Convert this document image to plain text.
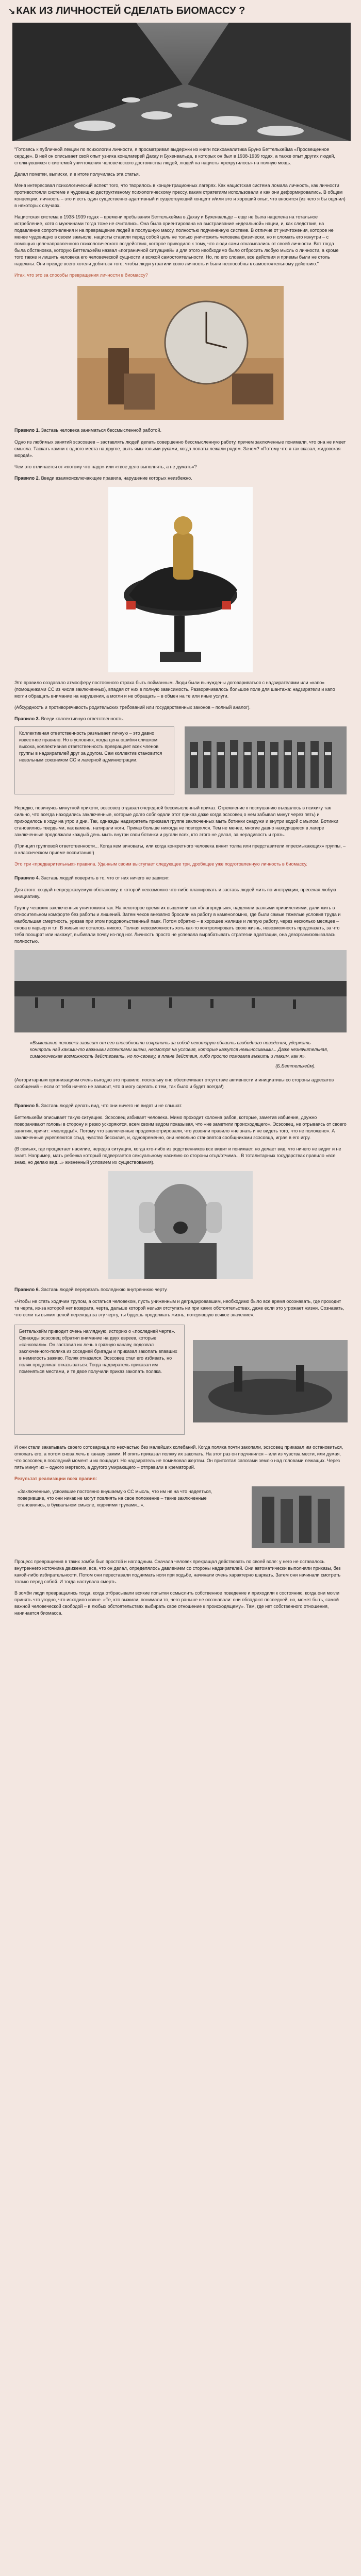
↘ КАК ИЗ ЛИЧНОСТЕЙ СДЕЛАТЬ БИОМАССУ ?

"Готовясь к публичной лекции по психологии личности, я просматривал выдержки из книги психоаналитика Бруно Беттельхейма «Просвещенное сердце». В ней он описывает свой опыт узника концлагерей Дахау и Бухенвальда, в которых он был в 1938-1939 годах, а также опыт других людей, столкнувшихся с системой уничтожения человеческого достоинства людей, людей на нацисты «рекрутилось» на полную мощь.

Делал пометки, выписки, и в итоге получилась эта статья.

Меня интересовал психологический аспект того, что творилось в концентрационных лагерях. Как нацистская система ломала личность, как личности противостояли системе и чудовищно деструктивному психологическому прессу, каким стратегиям использовали и как они деформировались. В общем концепции, личность – это и есть один существенно адаптивный и существующий концепт и/или это и хороший опыт, что вносится (из чего я бы оценил) в некоторых случаях.

Нацистская система в 1938-1939 годах – времени пребывания Беттельхейма в Дахау и Бухенвальде – еще не была нацелена на тотальное истребление, хотя с мужчинами тогда тоже не считались. Она была ориентирована на выстраивание «идеальной» нации, и, как следствие, на подавление сопротивления и на превращение людей в послушную массу, полностью подчиненную системе. В отличие от уничтожения, которое не менее чудовищно в своем замысле, нацисты ставили перед собой цель не только уничтожить человека физически, но и сломать его изнутри – с помощью целенаправленного психологического воздействия, которое приводило к тому, что люди сами отказывались от своей личности. Вот тогда была обстановка, которую Беттельхейм назвал «пограничной ситуацией» и для этого необходимо было отбросить любую мысль о личности, а кроме того также и лишить человека его человеческой сущности и всякой самостоятельности. Но, по его словам, все действия и приемы были не столь надежны. Они прежде всего хотели добиться того, чтобы люди утратили свою личность и были неспособны к самостоятельному действию."

Итак, что это за способы превращения личности в биомассу?
Правило 1. Заставь человека заниматься бессмысленной работой.

Одно из любимых занятий эсэсовцев – заставлять людей делать совершенно бессмысленную работу, причем заключенные понимали, что она не имеет смысла. Таскать камни с одного места на другое, рыть ямы голыми руками, когда лопаты лежали рядом. Зачем? «Потому что я так сказал, жидовская морда!».

Чем это отличается от «потому что надо» или «твое дело выполнять, а не думать»?

Правило 2. Введи взаимоисключающие правила, нарушение которых неизбежно.

Это правило создавало атмосферу постоянного страха быть пойманным. Люди были вынуждены договариваться с надзирателями или «капо» (помощниками СС из числа заключенных), впадая от них в полную зависимость. Разворачивалось большое поле для шантажа: надзиратели и капо могли обращать внимание на нарушения, а могли и не обращать – в обмен на те или иные услуги.

(Абсурдность и противоречивость родительских требований или государственных законов – полный аналог).

Правило 3. Введи коллективную ответственность.
Коллективная ответственность размывает личную – это давно известное правило. Но в условиях, когда цена ошибки слишком высока, коллективная ответственность превращает всех членов группы в надзирателей друг за другом. Сам коллектив становится невольным союзником СС и лагерной администрации.

Нередко, повинуясь минутной прихоти, эсэсовец отдавал очередной бессмысленный приказ. Стремление к послушанию въедалось в психику так сильно, что всегда находились заключенные, которые долго соблюдали этот приказ даже когда эсэсовец о нем забывал минут через пять) и приходилось в ходу на утро и дни. Так, однажды надзиратель приказал группе заключенных мыть ботинки снаружи и внутри водой с мылом. Ботинки становились твердыми, как камень, натирали ноги. Приказ больше никогда не повторялся. Тем не менее, многие давно находящиеся в лагере заключенные продолжали каждый день мыть внутри свои ботинки и ругали всех, кто этого не делал, за нерадивость и грязь.

(Принцип групповой ответственности... Когда кем виноваты, или когда конкретного человека винит толпа или представители «пресмыкающих» группы, – в классическом приеме воспитания!)

Это три «предварительных» правила. Удачным своим выступает следующее три, дробящее уже подготовленную личность в биомассу.
Правило 4. Заставь людей поверить в то, что от них ничего не зависит.

Для этого: создай непредсказуемую обстановку, в которой невозможно что-либо планировать и заставь людей жить по инструкции, пресекая любую инициативу.

Группу чешских заключенных уничтожили так. На некоторое время их выделили как «благородных», наделили разными привилегиями, дали жить в относительном комфорте без работы и лишений. Затем чехов внезапно бросили на работу в каменоломню, где были самые тяжелые условия труда и наибольшая смертность, урезав при этом продовольственный паек. Потом обратно – в хорошее жилище и легкую работу, через несколько месяцев – снова в карьер и т.п. В живых не осталось никого. Полная невозможность хоть как-то контролировать свою жизнь, невозможность предсказать, за что тебя поощрят или накажут, выбивали почву из-под ног. Личность просто не успевала вырабатывать стратегии адаптации, она дезорганизовывалась полностью.

«Выживание человека зависит от его способности сохранить за собой некоторую область свободного поведения, удержать контроль над какими-то важными аспектами жизни, несмотря на условия, которые кажутся невыносимыми... Даже незначительная, символическая возможность действовать, но по-своему, в плане действия, либо просто помогала выжить и таким, как я».
(Б.Беттельхейм).
(Авторитарным организациям очень выгодно это правило, поскольку оно обеспечивает отсутствие активности и инициативы со стороны адресатов сообщений – если от тебя ничего не зависит, что я могу сделать с тем, так было и будет всегда!)
Правило 5. Заставь людей делать вид, что они ничего не видят и не слышат.

Беттельхейм описывает такую ситуацию. Эсэсовец избивает человека. Мимо проходит колонна рабов, которые, заметив избиение, дружно поворачивают головы в сторону и резко ускоряются, всем своим видом показывая, что «не заметили происходящего». Эсэсовец, не отрываясь от своего занятия, кричит: «молодцы!». Потому что заключенные продемонстрировали, что усвоили правило «не знать и не видеть того, что не положено». А заключенные укрепляются стыд, чувство бессилия, и, одновременно, они невольно становятся сообщниками эсэсовца, играя в его игру.

(В семьях, где процветает насилие, нередка ситуация, когда кто-либо из родственников все видит и понимает, но делает вид, что ничего не видит и не знает. Например, мать ребенка который подвергается сексуальному насилию со стороны отца/отчима... В тоталитарных государствах правило «все знаю, но делаю вид...» жизненный условием их существования).

Правило 6. Заставь людей перерезать последнюю внутреннюю черту.
«Чтобы не стать ходячим трупом, а остаться человеком, пусть униженным и деградировавшим, необходимо было все время осознавать, где проходит та черта, из-за которой нет возврата, черта, дальше которой нельзя отступать ни при каких обстоятельствах, даже если это угрожает жизни. Сознавать, что если ты выжил ценой перехода за эту черту, ты будешь продолжать жизнь, потерявшую всякое значение».
Беттельхейм приводит очень наглядную, историю о «последней черте». Однажды эсэсовец обратил внимание на двух евреев, которые «сачковали». Он заставил их лечь в грязную канаву, подозвал заключенного-поляка из соседней бригады и приказал закопать впавших в немилость заживо. Поляк отказался. Эсэсовец стал его избивать, но поляк продолжал отказываться. Тогда надзиратель приказал им поменяться местами, и те двое получили приказ закопать поляка.

И они стали закапывать своего сотоварища по несчастью без малейших колебаний. Когда поляка почти закопали, эсэсовец приказал им остановиться, откопать его, а потом снова лечь в канаву самим. И опять приказал поляку их закопать. На этот раз он подчинился – или из чувства мести, или думая, что эсэсовец в последний момент и их пощадит. Но надзиратель не помиловал жертвы. Он притоптал сапогами землю над головами лежащих. Через пять минут их – одного мертвого, а другого умирающего – отправили в крематорий.

Результат реализации всех правил:
«Заключенные, усвоившие постоянно внушаемую СС мысль, что им не на что надеяться, поверившие, что они никак не могут повлиять на свое положение – такие заключенные становились, в буквальном смысле, ходячими трупами...».

Процесс превращения в таких зомби был простой и наглядным. Сначала человек прекращал действовать по своей воле: у него не оставалось внутреннего источника движения, все, что он делал, определялось давлением со стороны надзирателей. Они автоматически выполняли приказы, без какой-либо избирательности. Потом они переставали поднимать ноги при ходьбе, начинали очень характерно шаркать. Затем они начинали смотреть только перед собой. И тогда наступала смерть.

В зомби люди превращались тогда, когда отбрасывали всякие попытки осмыслить собственное поведение и приходили к состоянию, когда они могли принять что угодно, что исходило извне. «Те, кто выжили, понимали то, чего раньше не осознавали: они обладают последней, но, может быть, самой важной человеческой свободой – в любых обстоятельствах выбирать свое отношение к происходящему». Там, где нет собственного отношения, начинается биомасса.
